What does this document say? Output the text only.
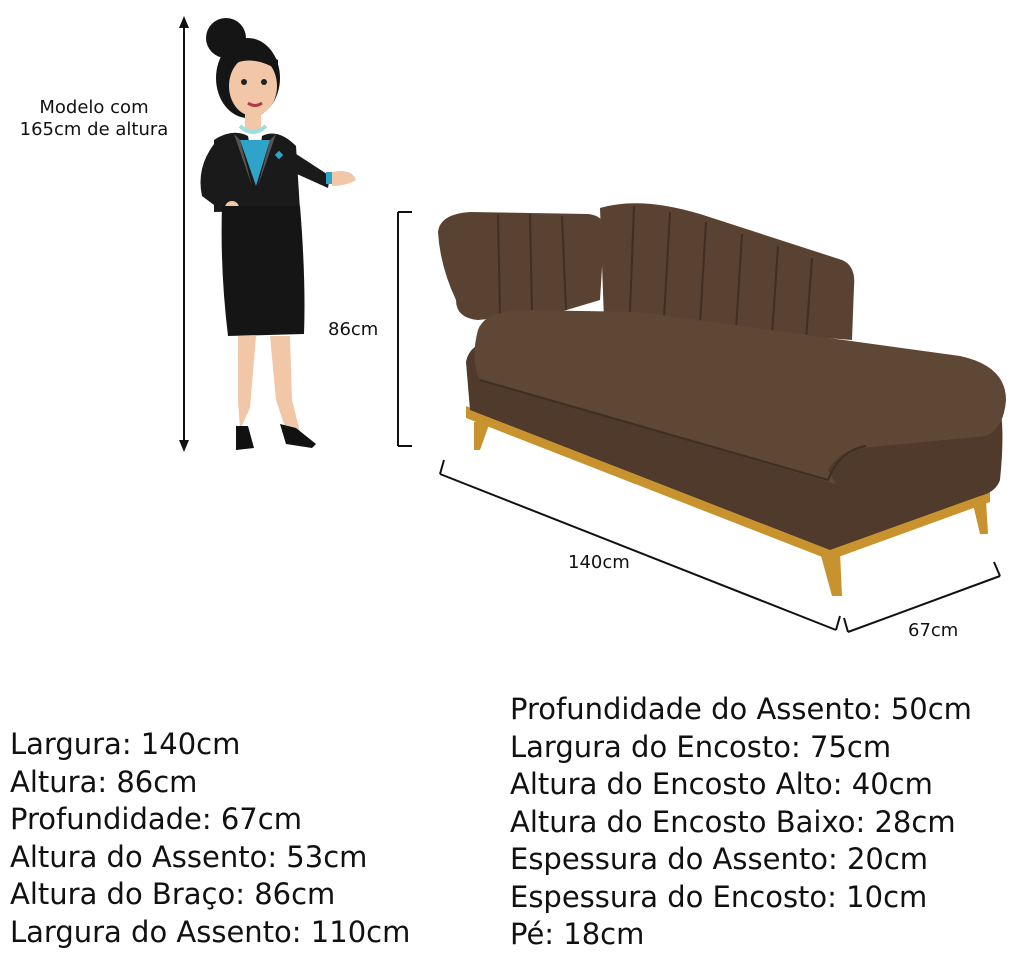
Modelo com
165cm de altura
86cm
140cm
67cm
Largura: 140cm
Altura: 86cm
Profundidade: 67cm
Altura do Assento: 53cm
Altura do Braço: 86cm
Largura do Assento: 110cm
Profundidade do Assento: 50cm
Largura do Encosto: 75cm
Altura do Encosto Alto: 40cm
Altura do Encosto Baixo: 28cm
Espessura do Assento: 20cm
Espessura do Encosto: 10cm
Pé: 18cm
